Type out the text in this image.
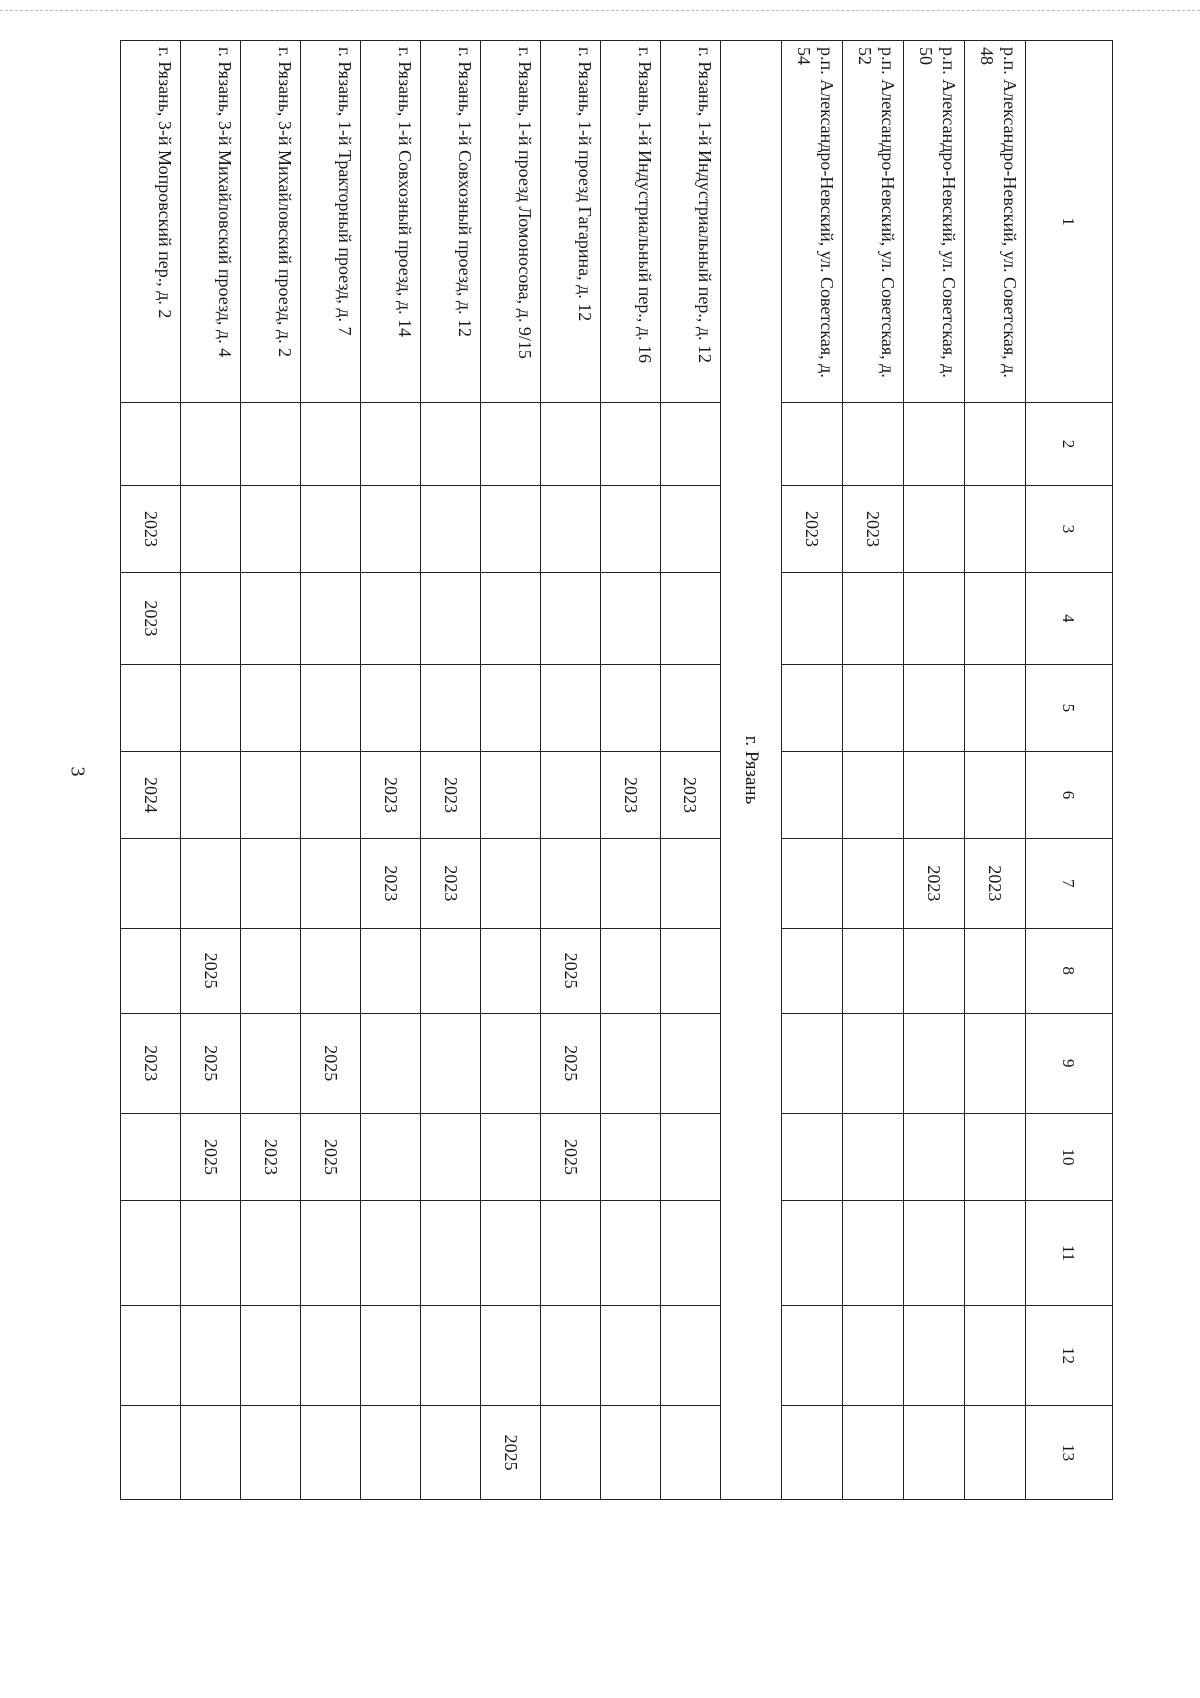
3
1	2	3	4	5	6	7	8	9	10	11	12	13
р.п. Александро-Невский, ул. Советская, д. 48						2023						
р.п. Александро-Невский, ул. Советская, д. 50						2023						
р.п. Александро-Невский, ул. Советская, д. 52		2023										
р.п. Александро-Невский, ул. Советская, д. 54		2023										
г. Рязань												
г. Рязань, 1-й Индустриальный пер., д. 12					2023							
г. Рязань, 1-й Индустриальный пер., д. 16					2023							
г. Рязань, 1-й проезд Гагарина, д. 12							2025	2025	2025			
г. Рязань, 1-й проезд Ломоносова, д. 9/15												2025
г. Рязань, 1-й Совхозный проезд, д. 12					2023	2023						
г. Рязань, 1-й Совхозный проезд, д. 14					2023	2023						
г. Рязань, 1-й Тракторный проезд, д. 7								2025	2025			
г. Рязань, 3-й Михайловский проезд, д. 2									2023			
г. Рязань, 3-й Михайловский проезд, д. 4							2025	2025	2025			
г. Рязань, 3-й Мопровский пер., д. 2		2023	2023		2024			2023				
